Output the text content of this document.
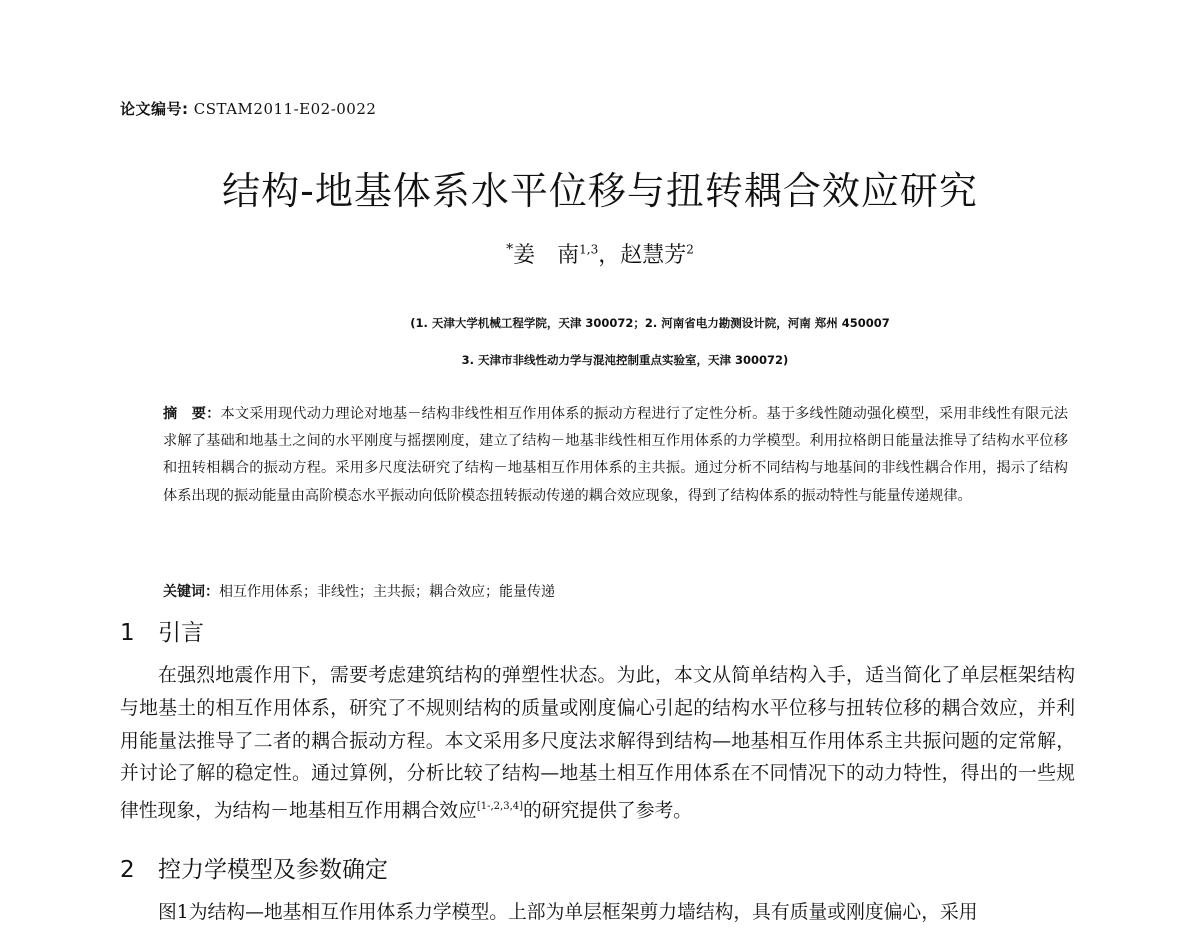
论文编号: CSTAM2011-E02-0022
结构-地基体系水平位移与扭转耦合效应研究
*姜　南$^{1,3}$，赵慧芳$^2$
(1. 天津大学机械工程学院，天津 300072；2. 河南省电力勘测设计院，河南 郑州 450007
3. 天津市非线性动力学与混沌控制重点实验室，天津 300072)
摘　要：本文采用现代动力理论对地基－结构非线性相互作用体系的振动方程进行了定性分析。基于多线性随动强化模型，采用非线性有限元法求解了基础和地基土之间的水平刚度与摇摆刚度，建立了结构－地基非线性相互作用体系的力学模型。利用拉格朗日能量法推导了结构水平位移和扭转相耦合的振动方程。采用多尺度法研究了结构－地基相互作用体系的主共振。通过分析不同结构与地基间的非线性耦合作用，揭示了结构体系出现的振动能量由高阶模态水平振动向低阶模态扭转振动传递的耦合效应现象，得到了结构体系的振动特性与能量传递规律。
关键词：相互作用体系；非线性；主共振；耦合效应；能量传递
1 引言
在强烈地震作用下，需要考虑建筑结构的弹塑性状态。为此，本文从简单结构入手，适当简化了单层框架结构与地基土的相互作用体系，研究了不规则结构的质量或刚度偏心引起的结构水平位移与扭转位移的耦合效应，并利用能量法推导了二者的耦合振动方程。本文采用多尺度法求解得到结构—地基相互作用体系主共振问题的定常解，并讨论了解的稳定性。通过算例，分析比较了结构—地基土相互作用体系在不同情况下的动力特性，得出的一些规律性现象，为结构－地基相互作用耦合效应[1-,2,3,4]的研究提供了参考。
2 控力学模型及参数确定
图1为结构—地基相互作用体系力学模型。上部为单层框架剪力墙结构，具有质量或刚度偏心，采用
